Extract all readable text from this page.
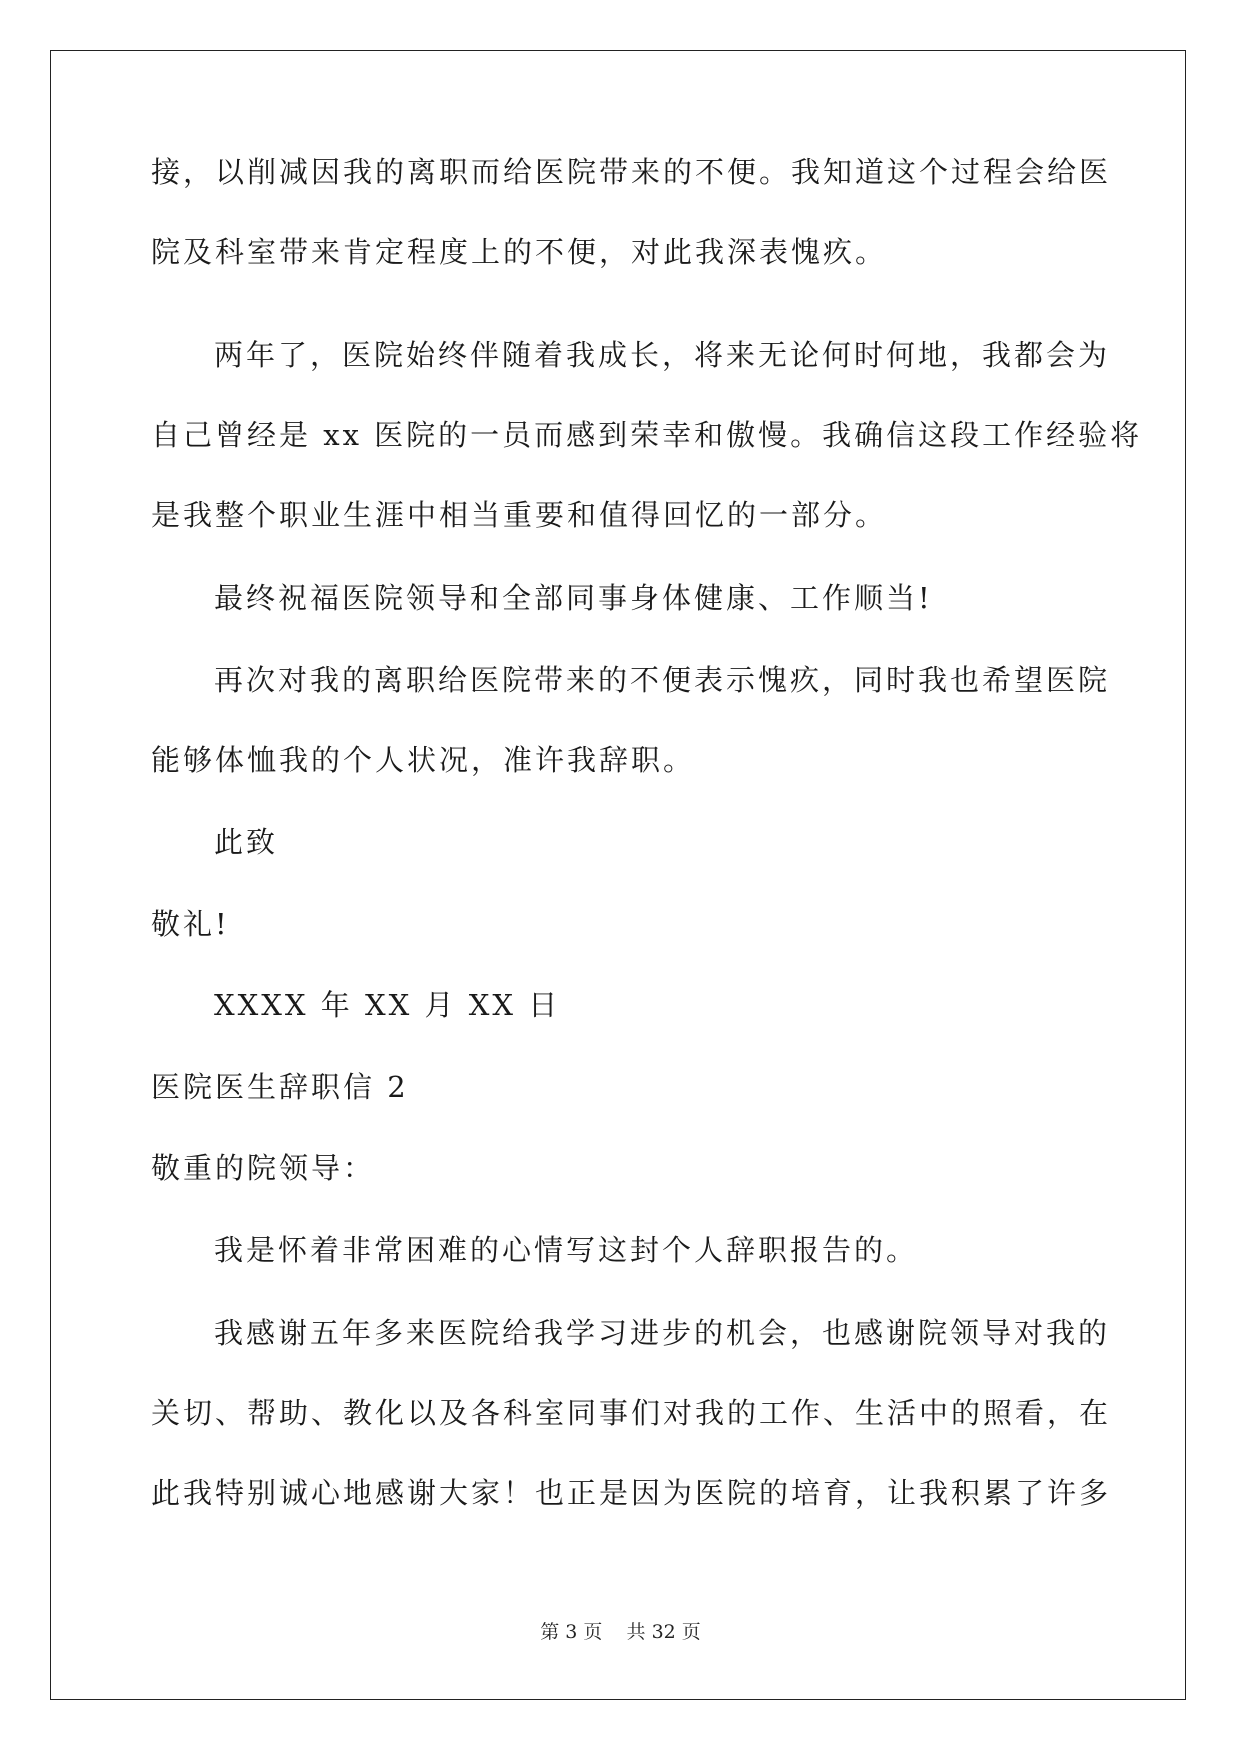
接，以削减因我的离职而给医院带来的不便。我知道这个过程会给医
院及科室带来肯定程度上的不便，对此我深表愧疚。
两年了，医院始终伴随着我成长，将来无论何时何地，我都会为
自己曾经是 xx 医院的一员而感到荣幸和傲慢。我确信这段工作经验将
是我整个职业生涯中相当重要和值得回忆的一部分。
最终祝福医院领导和全部同事身体健康、工作顺当!
再次对我的离职给医院带来的不便表示愧疚，同时我也希望医院
能够体恤我的个人状况，准许我辞职。
此致
敬礼!
XXXX 年 XX 月 XX 日
医院医生辞职信 2
敬重的院领导：
我是怀着非常困难的心情写这封个人辞职报告的。
我感谢五年多来医院给我学习进步的机会，也感谢院领导对我的
关切、帮助、教化以及各科室同事们对我的工作、生活中的照看，在
此我特别诚心地感谢大家！也正是因为医院的培育，让我积累了许多
第 3 页    共 32 页
